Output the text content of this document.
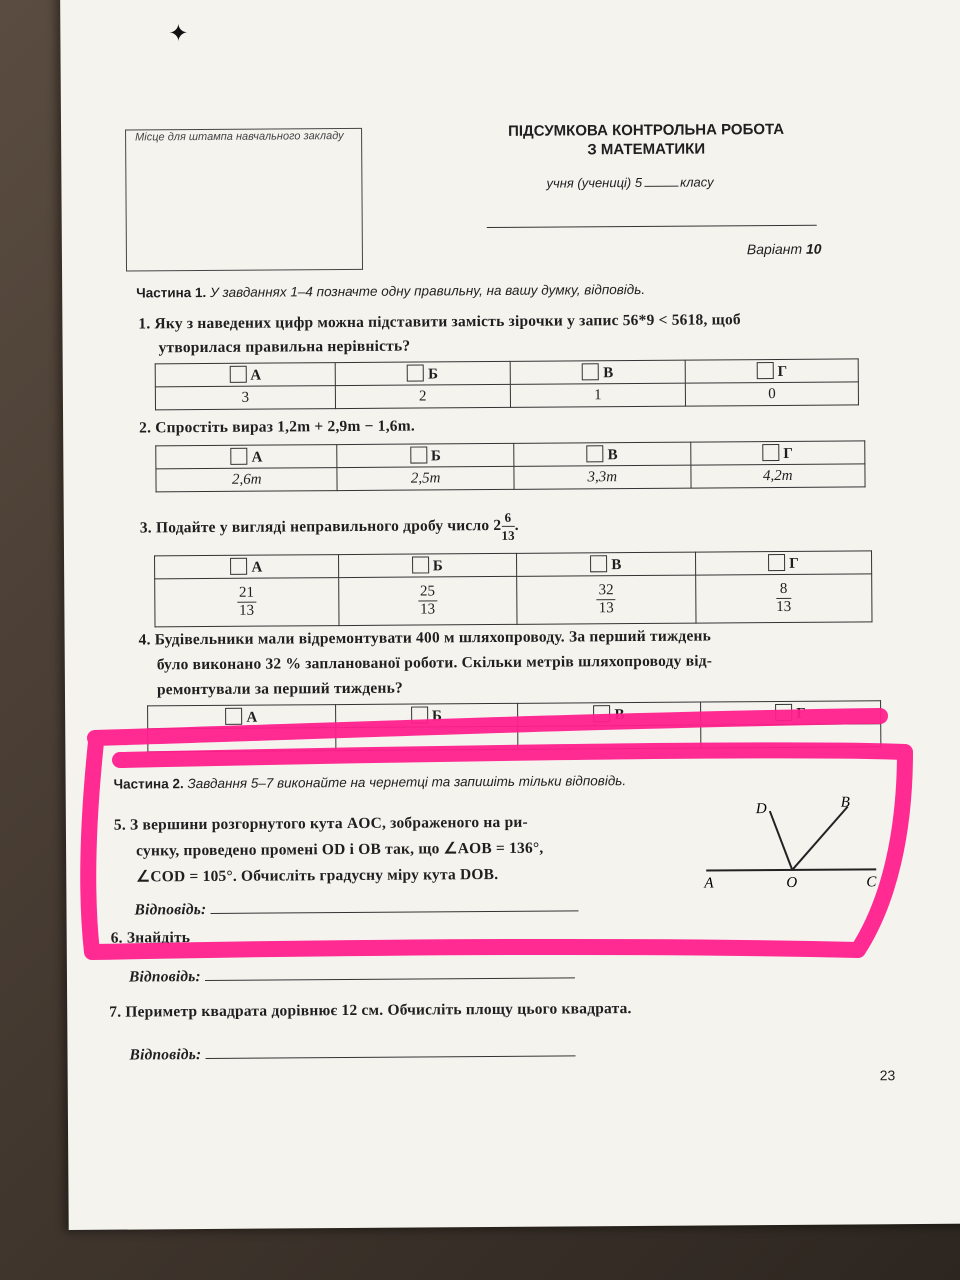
✦
Місце для штампа навчального закладу	ПІДСУМКОВА КОНТРОЛЬНА РОБОТА
З МАТЕМАТИКИ
учня (учениці) 5	класу
Варіант 10
Частина 1. У завданнях 1–4 позначте одну правильну, на вашу думку, відповідь.
1. Яку з наведених цифр можна підставити замість зірочки у запис 56*9 < 5618, щоб
утворилася правильна нерівність?
А	Б	В	Г
3	2	1	0
2. Спростіть вираз 1,2m + 2,9m − 1,6m.
А	Б	В	Г
2,6m	2,5m	3,3m	4,2m
3. Подайте у вигляді неправильного дробу число $2 \frac{6}{13}$ .
А	Б	В	Г

$\frac{21}{13}$	$\frac{25}{13}$	$\frac{32}{13}$	$\frac{8}{13}$
4. Будівельники мали відремонтувати 400 м шляхопроводу. За перший тиждень
було виконано 32 % запланованої роботи. Скільки метрів шляхопроводу від-
ремонтували за перший тиждень?
А	Б	В	Г

Частина 2. Завдання 5–7 виконайте на чернетці та запишіть тільки відповідь.
5. З вершини розгорнутого кута AOC, зображеного на ри-
сунку, проведено промені OD і OB так, що ∠AOB = 136°,
∠COD = 105°. Обчисліть градусну міру кута DOB.
Відповідь:
A	O	C
D	B
6. Знайдіть
Відповідь:
7. Периметр квадрата дорівнює 12 см. Обчисліть площу цього квадрата.
Відповідь:
23
